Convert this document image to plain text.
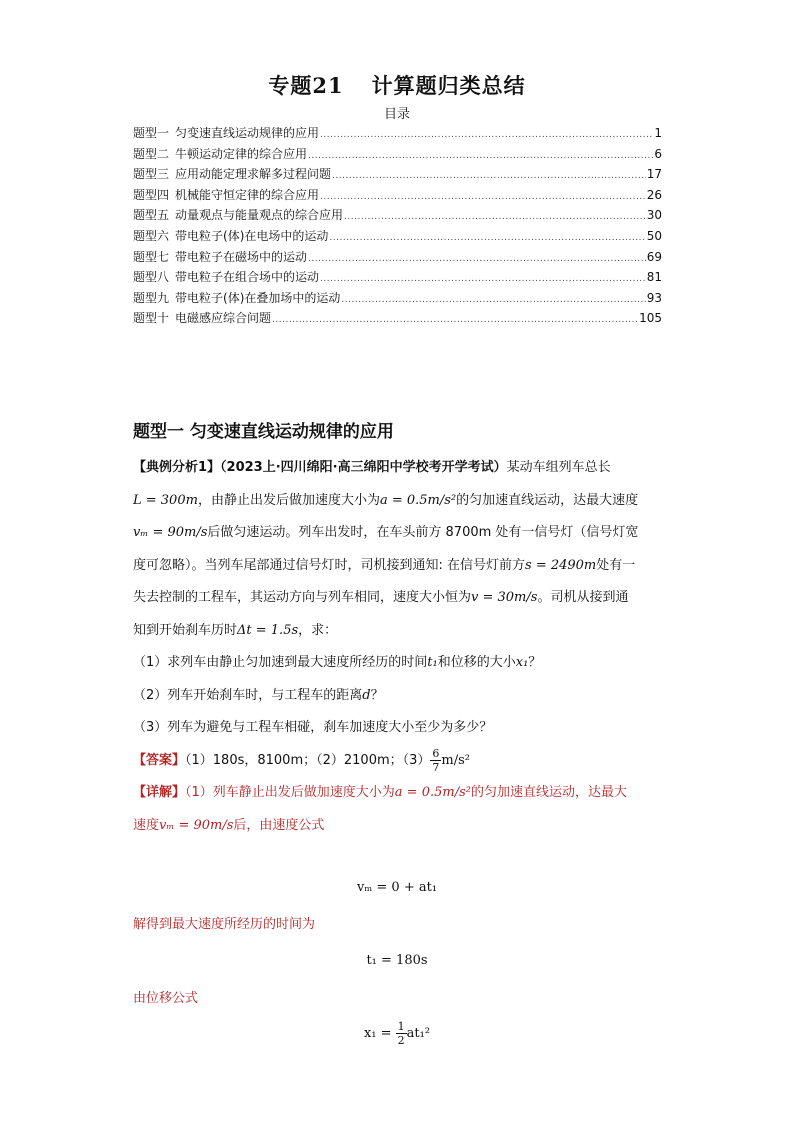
专题21 计算题归类总结
目录
题型一 匀变速直线运动规律的应用 .....	1
题型二 牛顿运动定律的综合应用 .....	6
题型三 应用动能定理求解多过程问题 .....	17
题型四 机械能守恒定律的综合应用 .....	26
题型五 动量观点与能量观点的综合应用 .....	30
题型六 带电粒子(体)在电场中的运动 .....	50
题型七 带电粒子在磁场中的运动 .....	69
题型八 带电粒子在组合场中的运动 .....	81
题型九 带电粒子(体)在叠加场中的运动 .....	93
题型十 电磁感应综合问题 .....	105
题型一 匀变速直线运动规律的应用

【典例分析1】（2023上·四川绵阳·高三绵阳中学校考开学考试）某动车组列车总长

L = 300m，由静止出发后做加速度大小为a = 0.5m/s²的匀加速直线运动，达最大速度

vₘ = 90m/s后做匀速运动。列车出发时，在车头前方 8700m 处有一信号灯（信号灯宽

度可忽略）。当列车尾部通过信号灯时，司机接到通知: 在信号灯前方s = 2490m处有一

失去控制的工程车，其运动方向与列车相同，速度大小恒为v = 30m/s。司机从接到通

知到开始刹车历时Δt = 1.5s，求：

（1）求列车由静止匀加速到最大速度所经历的时间t₁和位移的大小x₁？

（2）列车开始刹车时，与工程车的距离d？

（3）列车为避免与工程车相碰，刹车加速度大小至少为多少？

【答案】（1）180s，8100m；（2）2100m；$(3) \frac{6}{7} m/s^2$

【详解】（1）列车静止出发后做加速度大小为a = 0.5m/s²的匀加速直线运动，达最大

速度vₘ = 90m/s后，由速度公式

vₘ = 0 + at₁

解得到最大速度所经历的时间为

t₁ = 180s

由位移公式

$x_1 = \frac{1}{2} at_1^2$
